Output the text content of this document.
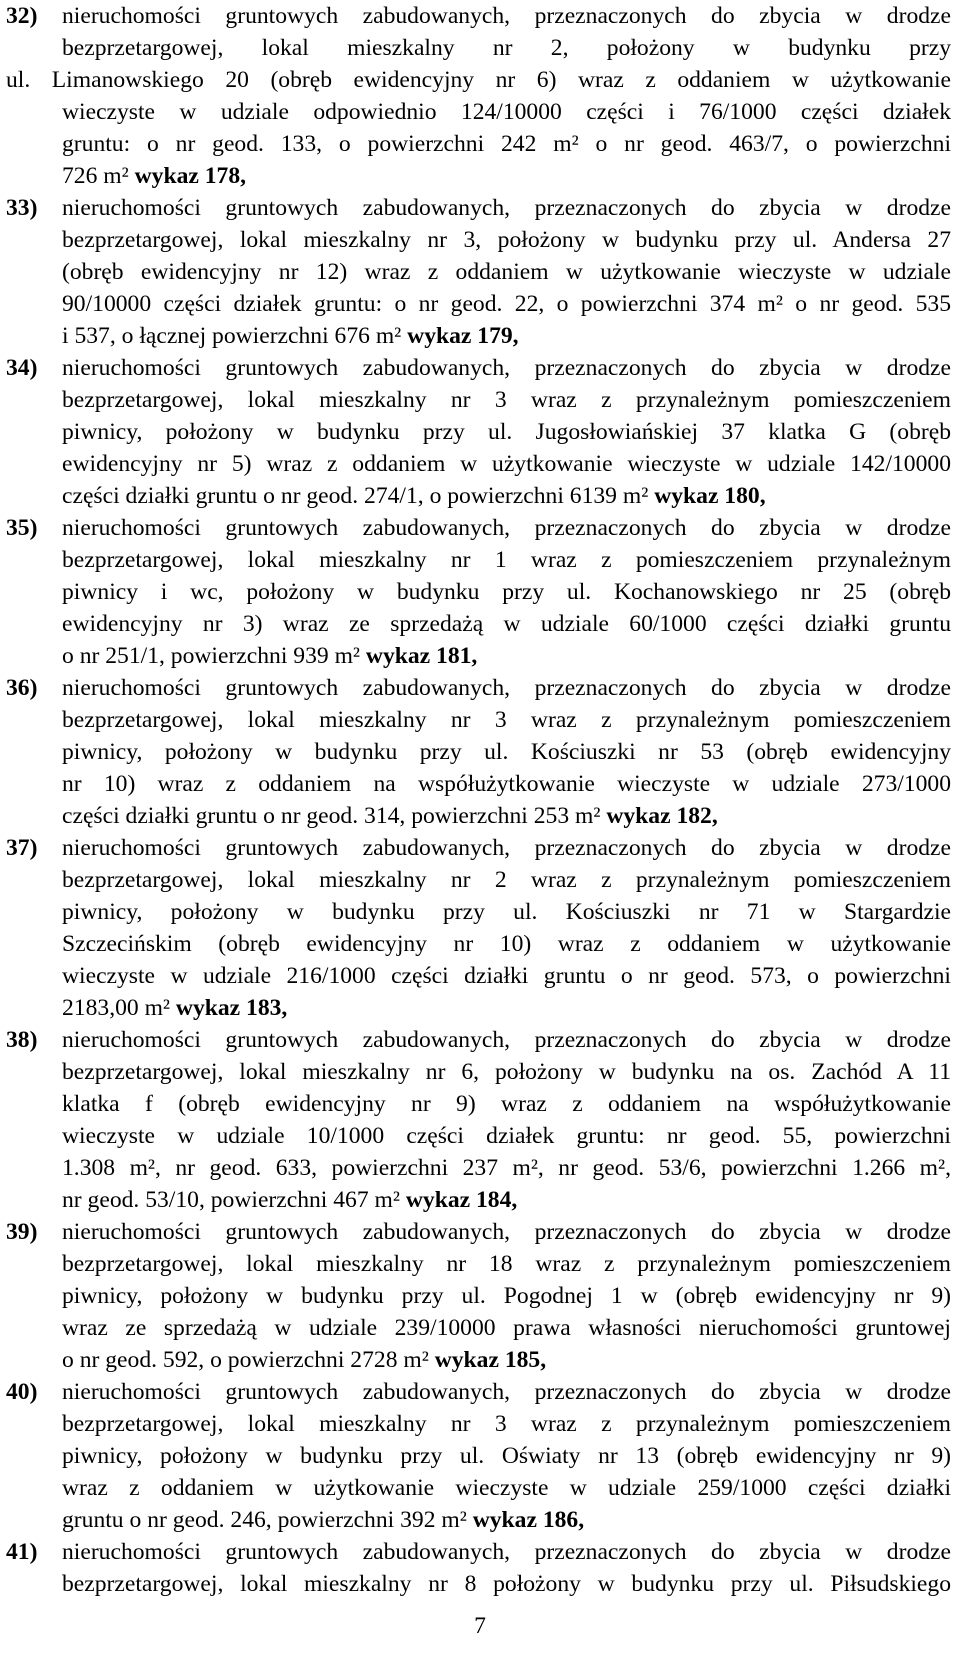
32) nieruchomości gruntowych zabudowanych, przeznaczonych do zbycia w drodze
bezprzetargowej, lokal mieszkalny nr 2, położony w budynku przy
ul. Limanowskiego 20 (obręb ewidencyjny nr 6) wraz z oddaniem w użytkowanie
wieczyste w udziale odpowiednio 124/10000 części i 76/1000 części działek
gruntu: o nr geod. 133, o powierzchni 242 m² o nr geod. 463/7, o powierzchni
726 m² wykaz 178,
33) nieruchomości gruntowych zabudowanych, przeznaczonych do zbycia w drodze
bezprzetargowej, lokal mieszkalny nr 3, położony w budynku przy ul. Andersa 27
(obręb ewidencyjny nr 12) wraz z oddaniem w użytkowanie wieczyste w udziale
90/10000 części działek gruntu: o nr geod. 22, o powierzchni 374 m² o nr geod. 535
i 537, o łącznej powierzchni 676 m² wykaz 179,
34) nieruchomości gruntowych zabudowanych, przeznaczonych do zbycia w drodze
bezprzetargowej, lokal mieszkalny nr 3 wraz z przynależnym pomieszczeniem
piwnicy, położony w budynku przy ul. Jugosłowiańskiej 37 klatka G (obręb
ewidencyjny nr 5) wraz z oddaniem w użytkowanie wieczyste w udziale 142/10000
części działki gruntu o nr geod. 274/1, o powierzchni 6139 m² wykaz 180,
35) nieruchomości gruntowych zabudowanych, przeznaczonych do zbycia w drodze
bezprzetargowej, lokal mieszkalny nr 1 wraz z pomieszczeniem przynależnym
piwnicy i wc, położony w budynku przy ul. Kochanowskiego nr 25 (obręb
ewidencyjny nr 3) wraz ze sprzedażą w udziale 60/1000 części działki gruntu
o nr 251/1, powierzchni 939 m² wykaz 181,
36) nieruchomości gruntowych zabudowanych, przeznaczonych do zbycia w drodze
bezprzetargowej, lokal mieszkalny nr 3 wraz z przynależnym pomieszczeniem
piwnicy, położony w budynku przy ul. Kościuszki nr 53 (obręb ewidencyjny
nr 10) wraz z oddaniem na współużytkowanie wieczyste w udziale 273/1000
części działki gruntu o nr geod. 314, powierzchni 253 m² wykaz 182,
37) nieruchomości gruntowych zabudowanych, przeznaczonych do zbycia w drodze
bezprzetargowej, lokal mieszkalny nr 2 wraz z przynależnym pomieszczeniem
piwnicy, położony w budynku przy ul. Kościuszki nr 71 w Stargardzie
Szczecińskim (obręb ewidencyjny nr 10) wraz z oddaniem w użytkowanie
wieczyste w udziale 216/1000 części działki gruntu o nr geod. 573, o powierzchni
2183,00 m² wykaz 183,
38) nieruchomości gruntowych zabudowanych, przeznaczonych do zbycia w drodze
bezprzetargowej, lokal mieszkalny nr 6, położony w budynku na os. Zachód A 11
klatka f (obręb ewidencyjny nr 9) wraz z oddaniem na współużytkowanie
wieczyste w udziale 10/1000 części działek gruntu: nr geod. 55, powierzchni
1.308 m², nr geod. 633, powierzchni 237 m², nr geod. 53/6, powierzchni 1.266 m²,
nr geod. 53/10, powierzchni 467 m² wykaz 184,
39) nieruchomości gruntowych zabudowanych, przeznaczonych do zbycia w drodze
bezprzetargowej, lokal mieszkalny nr 18 wraz z przynależnym pomieszczeniem
piwnicy, położony w budynku przy ul. Pogodnej 1 w (obręb ewidencyjny nr 9)
wraz ze sprzedażą w udziale 239/10000 prawa własności nieruchomości gruntowej
o nr geod. 592, o powierzchni 2728 m² wykaz 185,
40) nieruchomości gruntowych zabudowanych, przeznaczonych do zbycia w drodze
bezprzetargowej, lokal mieszkalny nr 3 wraz z przynależnym pomieszczeniem
piwnicy, położony w budynku przy ul. Oświaty nr 13 (obręb ewidencyjny nr 9)
wraz z oddaniem w użytkowanie wieczyste w udziale 259/1000 części działki
gruntu o nr geod. 246, powierzchni 392 m² wykaz 186,
41) nieruchomości gruntowych zabudowanych, przeznaczonych do zbycia w drodze
bezprzetargowej, lokal mieszkalny nr 8 położony w budynku przy ul. Piłsudskiego
7
